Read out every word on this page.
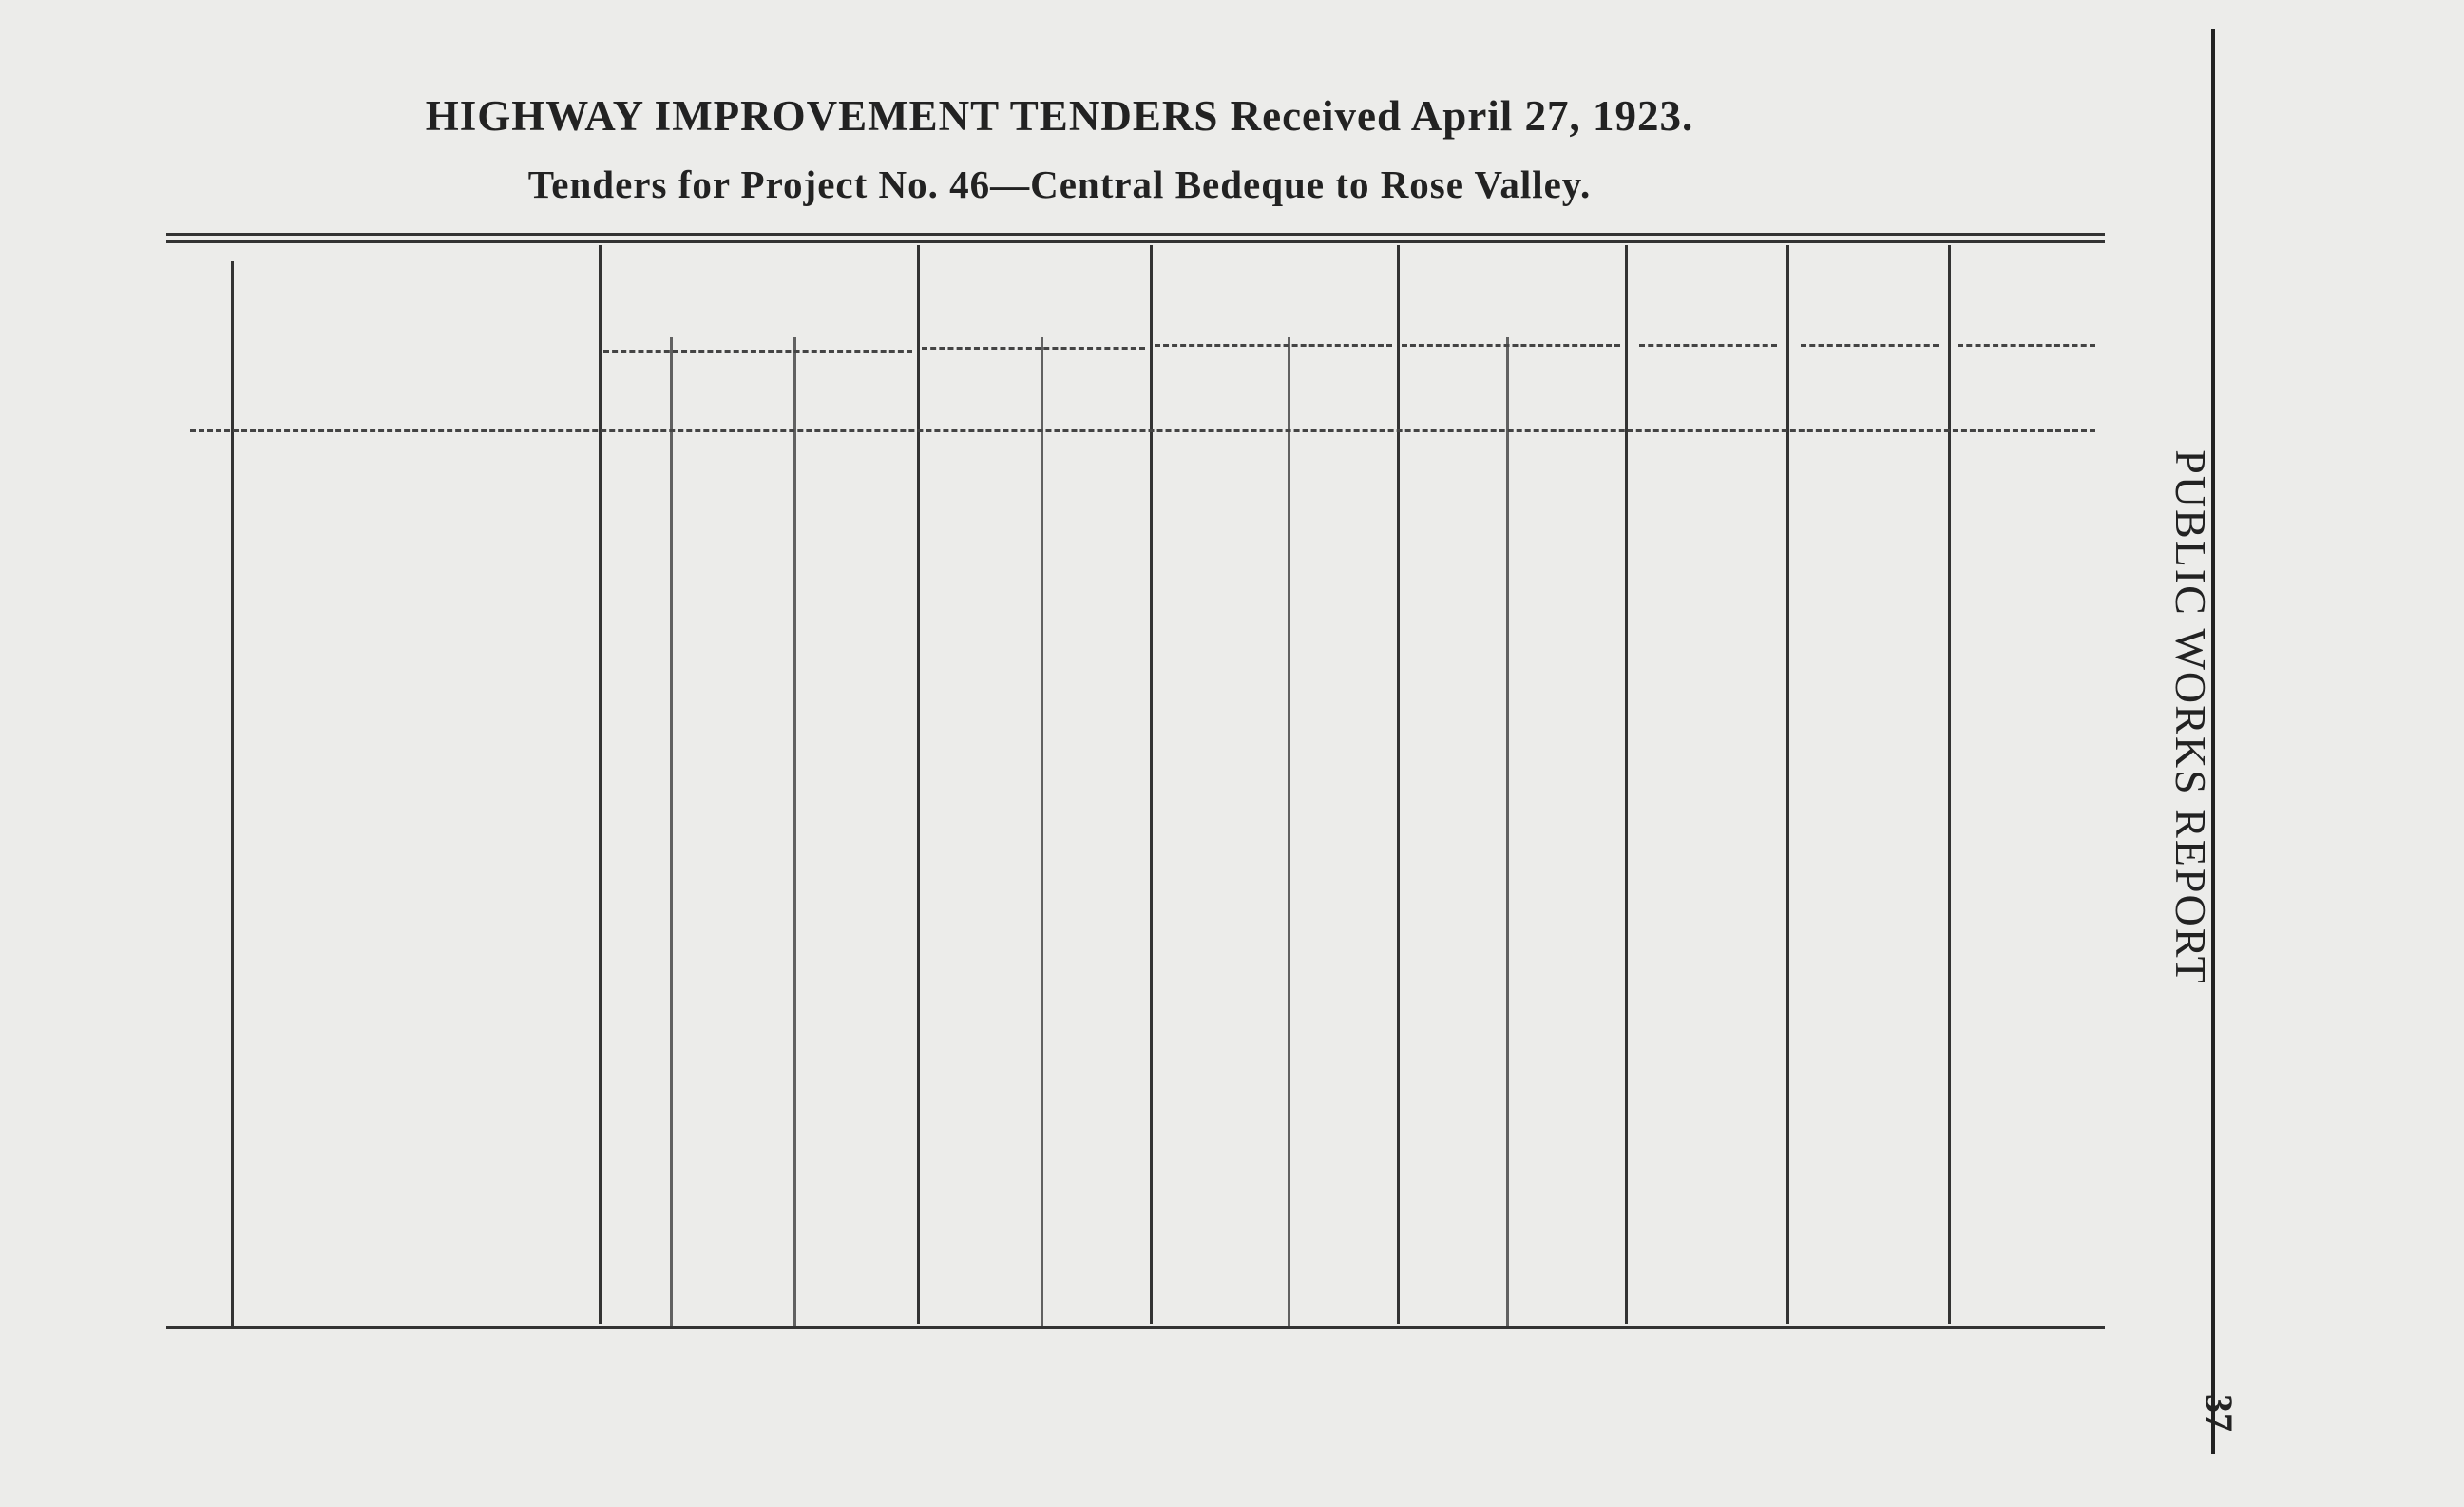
HIGHWAY IMPROVEMENT TENDERS Received April 27, 1923.
Tenders for Project No. 46—Central Bedeque to Rose Valley.
PUBLIC WORKS REPORT
37
